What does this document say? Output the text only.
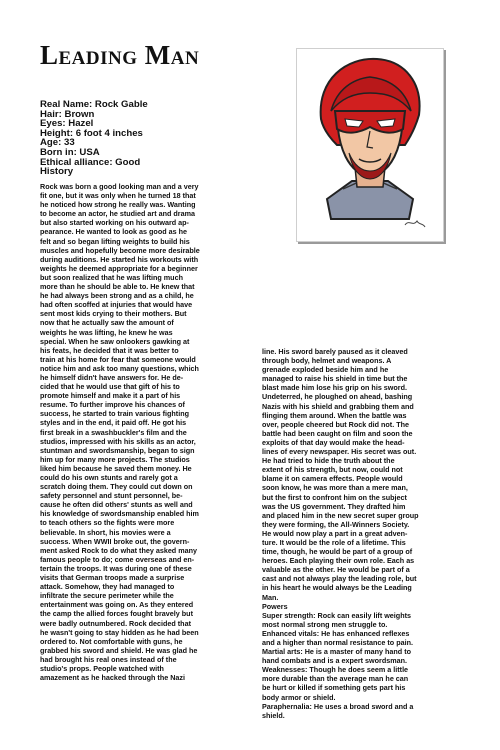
Leading Man
Real Name: Rock Gable
Hair: Brown
Eyes: Hazel
Height: 6 foot 4 inches
Age: 33
Born in: USA
Ethical alliance: Good
History
Rock was born a good looking man and a very
fit one, but it was only when he turned 18 that
he noticed how strong he really was. Wanting
to become an actor, he studied art and drama
but also started working on his outward ap-
pearance. He wanted to look as good as he
felt and so began lifting weights to build his
muscles and hopefully become more desirable
during auditions. He started his workouts with
weights he deemed appropriate for a beginner
but soon realized that he was lifting much
more than he should be able to. He knew that
he had always been strong and as a child, he
had often scoffed at injuries that would have
sent most kids crying to their mothers. But
now that he actually saw the amount of
weights he was lifting, he knew he was
special. When he saw onlookers gawking at
his feats, he decided that it was better to
train at his home for fear that someone would
notice him and ask too many questions, which
he himself didn't have answers for. He de-
cided that he would use that gift of his to
promote himself and make it a part of his
resume. To further improve his chances of
success, he started to train various fighting
styles and in the end, it paid off. He got his
first break in a swashbuckler's film and the
studios, impressed with his skills as an actor,
stuntman and swordsmanship, began to sign
him up for many more projects. The studios
liked him because he saved them money. He
could do his own stunts and rarely got a
scratch doing them. They could cut down on
safety personnel and stunt personnel, be-
cause he often did others' stunts as well and
his knowledge of swordsmanship enabled him
to teach others so the fights were more
believable. In short, his movies were a
success. When WWII broke out, the govern-
ment asked Rock to do what they asked many
famous people to do; come overseas and en-
tertain the troops. It was during one of these
visits that German troops made a surprise
attack. Somehow, they had managed to
infiltrate the secure perimeter while the
entertainment was going on. As they entered
the camp the allied forces fought bravely but
were badly outnumbered. Rock decided that
he wasn't going to stay hidden as he had been
ordered to. Not comfortable with guns, he
grabbed his sword and shield. He was glad he
had brought his real ones instead of the
studio's props. People watched with
amazement as he hacked through the Nazi
line. His sword barely paused as it cleaved
through body, helmet and weapons. A
grenade exploded beside him and he
managed to raise his shield in time but the
blast made him lose his grip on his sword.
Undeterred, he ploughed on ahead, bashing
Nazis with his shield and grabbing them and
flinging them around. When the battle was
over, people cheered but Rock did not. The
battle had been caught on film and soon the
exploits of that day would make the head-
lines of every newspaper. His secret was out.
He had tried to hide the truth about the
extent of his strength, but now, could not
blame it on camera effects. People would
soon know, he was more than a mere man,
but the first to confront him on the subject
was the US government. They drafted him
and placed him in the new secret super group
they were forming, the All-Winners Society.
He would now play a part in a great adven-
ture. It would be the role of a lifetime. This
time, though, he would be part of a group of
heroes. Each playing their own role. Each as
valuable as the other. He would be part of a
cast and not always play the leading role, but
in his heart he would always be the Leading
Man.
Powers
Super strength: Rock can easily lift weights
most normal strong men struggle to.
Enhanced vitals: He has enhanced reflexes
and a higher than normal resistance to pain.
Martial arts: He is a master of many hand to
hand combats and is a expert swordsman.
Weaknesses: Though he does seem a little
more durable than the average man he can
be hurt or killed if something gets part his
body armor or shield.
Paraphernalia: He uses a broad sword and a
shield.
